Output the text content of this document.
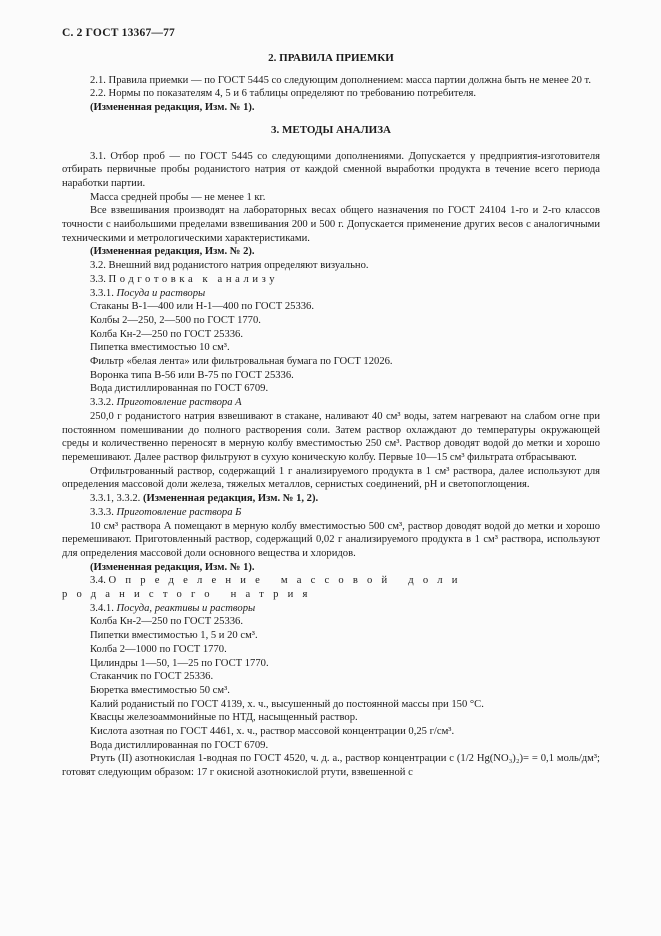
С. 2 ГОСТ 13367—77

2. ПРАВИЛА ПРИЕМКИ

2.1. Правила приемки — по ГОСТ 5445 со следующим дополнением: масса партии должна быть не менее 20 т.

2.2. Нормы по показателям 4, 5 и 6 таблицы определяют по требованию потребителя.

(Измененная редакция, Изм. № 1).

3. МЕТОДЫ АНАЛИЗА

3.1. Отбор проб — по ГОСТ 5445 со следующими дополнениями. Допускается у предприятия-изготовителя отбирать первичные пробы роданистого натрия от каждой сменной выработки продукта в течение всего периода наработки партии.

Масса средней пробы — не менее 1 кг.

Все взвешивания производят на лабораторных весах общего назначения по ГОСТ 24104 1-го и 2-го классов точности с наибольшими пределами взвешивания 200 и 500 г. Допускается применение других весов с аналогичными техническими и метрологическими характеристиками.

(Измененная редакция, Изм. № 2).

3.2. Внешний вид роданистого натрия определяют визуально.

3.3. Подготовка к анализу

3.3.1. Посуда и растворы

Стаканы В-1—400 или Н-1—400 по ГОСТ 25336.

Колбы 2—250, 2—500 по ГОСТ 1770.

Колба Кн-2—250 по ГОСТ 25336.

Пипетка вместимостью 10 см³.

Фильтр «белая лента» или фильтровальная бумага по ГОСТ 12026.

Воронка типа В-56 или В-75 по ГОСТ 25336.

Вода дистиллированная по ГОСТ 6709.

3.3.2. Приготовление раствора А

250,0 г роданистого натрия взвешивают в стакане, наливают 40 см³ воды, затем нагревают на слабом огне при постоянном помешивании до полного растворения соли. Затем раствор охлаждают до температуры окружающей среды и количественно переносят в мерную колбу вместимостью 250 см³. Раствор доводят водой до метки и хорошо перемешивают. Далее раствор фильтруют в сухую коническую колбу. Первые 10—15 см³ фильтрата отбрасывают.

Отфильтрованный раствор, содержащий 1 г анализируемого продукта в 1 см³ раствора, далее используют для определения массовой доли железа, тяжелых металлов, сернистых соединений, pH и светопоглощения.

3.3.1, 3.3.2. (Измененная редакция, Изм. № 1, 2).

3.3.3. Приготовление раствора Б

10 см³ раствора А помещают в мерную колбу вместимостью 500 см³, раствор доводят водой до метки и хорошо перемешивают. Приготовленный раствор, содержащий 0,02 г анализируемого продукта в 1 см³ раствора, используют для определения массовой доли основного вещества и хлоридов.

(Измененная редакция, Изм. № 1).

3.4. Определение массовой доли роданистого натрия

3.4.1. Посуда, реактивы и растворы

Колба Кн-2—250 по ГОСТ 25336.

Пипетки вместимостью 1, 5 и 20 см³.

Колба 2—1000 по ГОСТ 1770.

Цилиндры 1—50, 1—25 по ГОСТ 1770.

Стаканчик по ГОСТ 25336.

Бюретка вместимостью 50 см³.

Калий роданистый по ГОСТ 4139, х. ч., высушенный до постоянной массы при 150 °С.

Квасцы железоаммонийные по НТД, насыщенный раствор.

Кислота азотная по ГОСТ 4461, х. ч., раствор массовой концентрации 0,25 г/см³.

Вода дистиллированная по ГОСТ 6709.

Ртуть (II) азотнокислая 1-водная по ГОСТ 4520, ч. д. а., раствор концентрации с (1/2 Hg(NO₃)₂)= = 0,1 моль/дм³; готовят следующим образом: 17 г окисной азотнокислой ртути, взвешенной с
